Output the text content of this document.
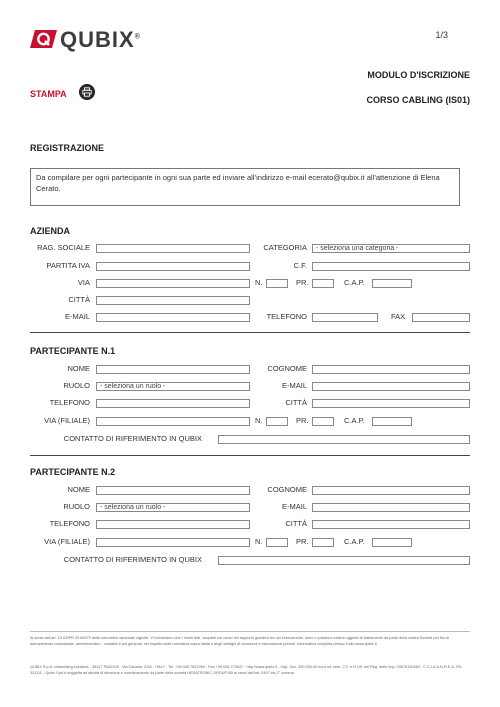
QUBIX®	1/3
MODULO D'ISCRIZIONE
CORSO CABLING (IS01)
STAMPA
REGISTRAZIONE
Da compilare per ogni partecipante in ogni sua parte ed inviare all’indirizzo e-mail ecerato@qubix.it all’attenzione di Elena Cerato.
AZIENDA
RAG. SOCIALE	CATEGORIA	- seleziona una categoria -
PARTITA IVA	C.F.
VIA	N.	PR.	C.A.P.
CITTÀ
E-MAIL	TELEFONO	FAX
PARTECIPANTE N.1
NOME	COGNOME
RUOLO	- seleziona un ruolo -	E-MAIL
TELEFONO	CITTÀ
VIA (FILIALE)	N.	PR.	C.A.P.
CONTATTO DI RIFERIMENTO IN QUBIX
PARTECIPANTE N.2
NOME	COGNOME
RUOLO	- seleziona un ruolo -	E-MAIL
TELEFONO	CITTÀ
VIA (FILIALE)	N.	PR.	C.A.P.
CONTATTO DI RIFERIMENTO IN QUBIX
Ai sensi dell’art. 13 GDPR 2016/679 della normativa nazionale vigente, Vi informiamo che i Vostri dati, acquisiti nel corso del rapporto giuridico tra noi intercorrente, sono o potranno essere oggetto di trattamento da parte della nostra Società per fini di adempimento contrattuale, amministrativo - contabili e più generali, nel rispetto della normativa sopra citata e degli obblighi di sicurezza e riservatezza previsti. Informativa completa presso il sito www.qubix.it
QUBIX S.p.A. networking solutions - 35127 PADOVA - Via Canada, 23/A - ITALY - Tel. +39 049.7601994 - Fax +39 049.773647 - http://www.qubix.it - Cap. Soc. 300.000,00 euro int. vers. C.F. e R.Uff. del Reg. delle Imp. 03575150283 - C.C.I.A.A.N.R.E.A. PD-321111 - Qubix SpA è soggetta ad attività di direzione e coordinamento da parte della società HEDATRONIC GROUP AB ai sensi dell’art. 2497 bis 2° comma
